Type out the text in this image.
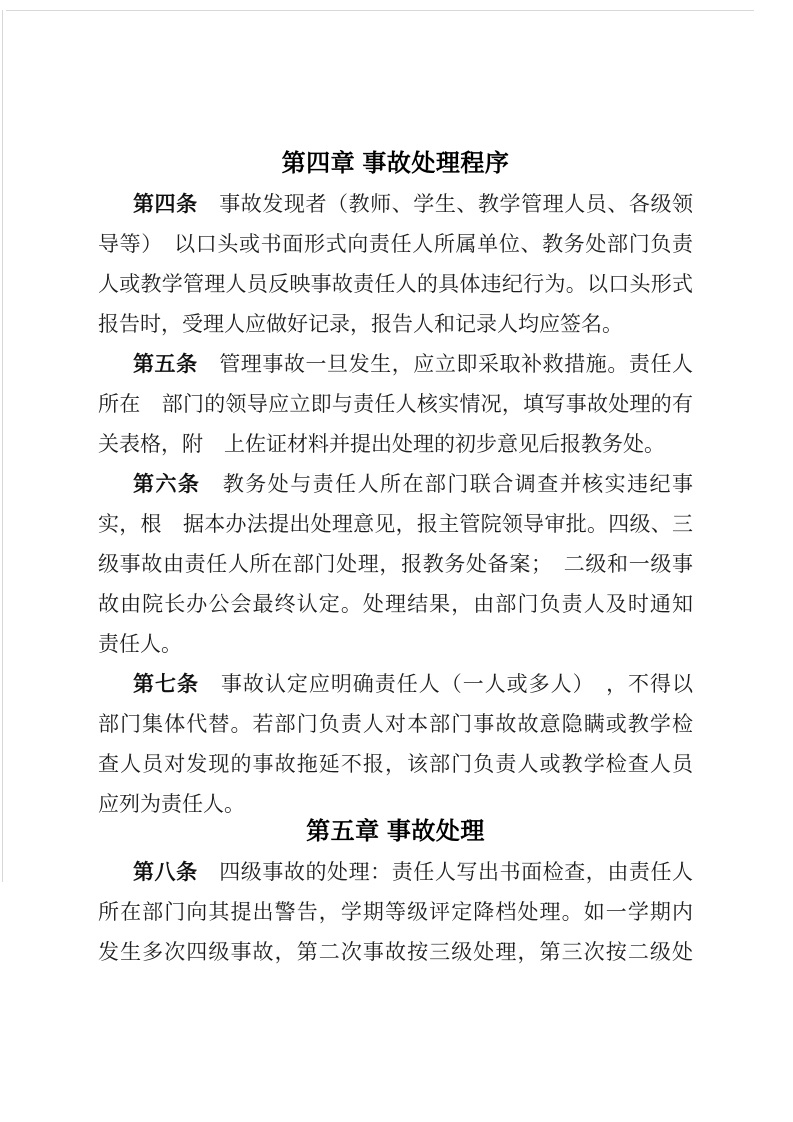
第四章 事故处理程序
第四条　事故发现者（教师、学生、教学管理人员、各级领
导等）　以口头或书面形式向责任人所属单位、教务处部门负责
人或教学管理人员反映事故责任人的具体违纪行为。以口头形式
报告时，受理人应做好记录，报告人和记录人均应签名。
第五条　管理事故一旦发生，应立即采取补救措施。责任人
所在　部门的领导应立即与责任人核实情况，填写事故处理的有
关表格，附　上佐证材料并提出处理的初步意见后报教务处。
第六条　教务处与责任人所在部门联合调查并核实违纪事
实，根　据本办法提出处理意见，报主管院领导审批。四级、三
级事故由责任人所在部门处理，报教务处备案；　二级和一级事
故由院长办公会最终认定。处理结果，由部门负责人及时通知
责任人。
第七条　事故认定应明确责任人（一人或多人）　，不得以
部门集体代替。若部门负责人对本部门事故故意隐瞒或教学检
查人员对发现的事故拖延不报，该部门负责人或教学检查人员
应列为责任人。
第五章 事故处理
第八条　四级事故的处理：责任人写出书面检查，由责任人
所在部门向其提出警告，学期等级评定降档处理。如一学期内
发生多次四级事故，第二次事故按三级处理，第三次按二级处
